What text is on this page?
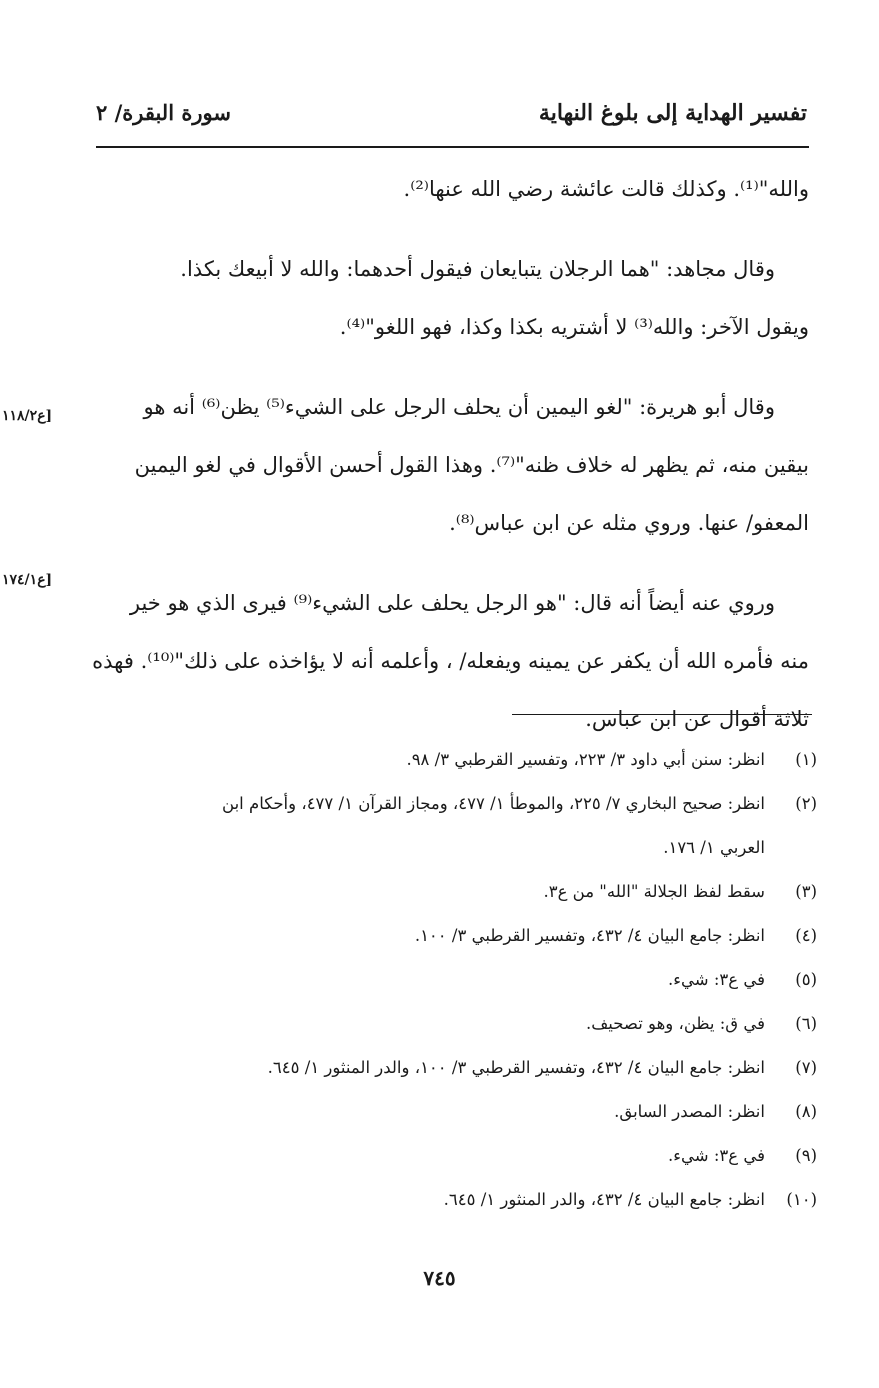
تفسير الهداية إلى بلوغ النهاية
سورة البقرة/ ٢
والله"⁽¹⁾. وكذلك قالت عائشة رضي الله عنها⁽²⁾.
وقال مجاهد: "هما الرجلان يتبايعان فيقول أحدهما: والله لا أبيعك بكذا.
ويقول الآخر: والله⁽³⁾ لا أشتريه بكذا وكذا، فهو اللغو"⁽⁴⁾.
وقال أبو هريرة: "لغو اليمين أن يحلف الرجل على الشيء⁽⁵⁾ يظن⁽⁶⁾ أنه هو
بيقين منه، ثم يظهر له خلاف ظنه"⁽⁷⁾. وهذا القول أحسن الأقوال في لغو اليمين
المعفو/ عنها. وروي مثله عن ابن عباس⁽⁸⁾.
وروي عنه أيضاً أنه قال: "هو الرجل يحلف على الشيء⁽⁹⁾ فيرى الذي هو خير
منه فأمره الله أن يكفر عن يمينه ويفعله/ ، وأعلمه أنه لا يؤاخذه على ذلك"⁽¹⁰⁾. فهذه
ثلاثة أقوال عن ابن عباس.
[ع١١٨/٢
[ع١٧٤/١
(١)
انظر: سنن أبي داود ٣/ ٢٢٣، وتفسير القرطبي ٣/ ٩٨.
(٢)
انظر: صحيح البخاري ٧/ ٢٢٥، والموطأ ١/ ٤٧٧، ومجاز القرآن ١/ ٤٧٧، وأحكام ابن
العربي ١/ ١٧٦.
(٣)
سقط لفظ الجلالة "الله" من ع٣.
(٤)
انظر: جامع البيان ٤/ ٤٣٢، وتفسير القرطبي ٣/ ١٠٠.
(٥)
في ع٣: شيء.
(٦)
في ق: يظن، وهو تصحيف.
(٧)
انظر: جامع البيان ٤/ ٤٣٢، وتفسير القرطبي ٣/ ١٠٠، والدر المنثور ١/ ٦٤٥.
(٨)
انظر: المصدر السابق.
(٩)
في ع٣: شيء.
(١٠)
انظر: جامع البيان ٤/ ٤٣٢، والدر المنثور ١/ ٦٤٥.
٧٤٥
